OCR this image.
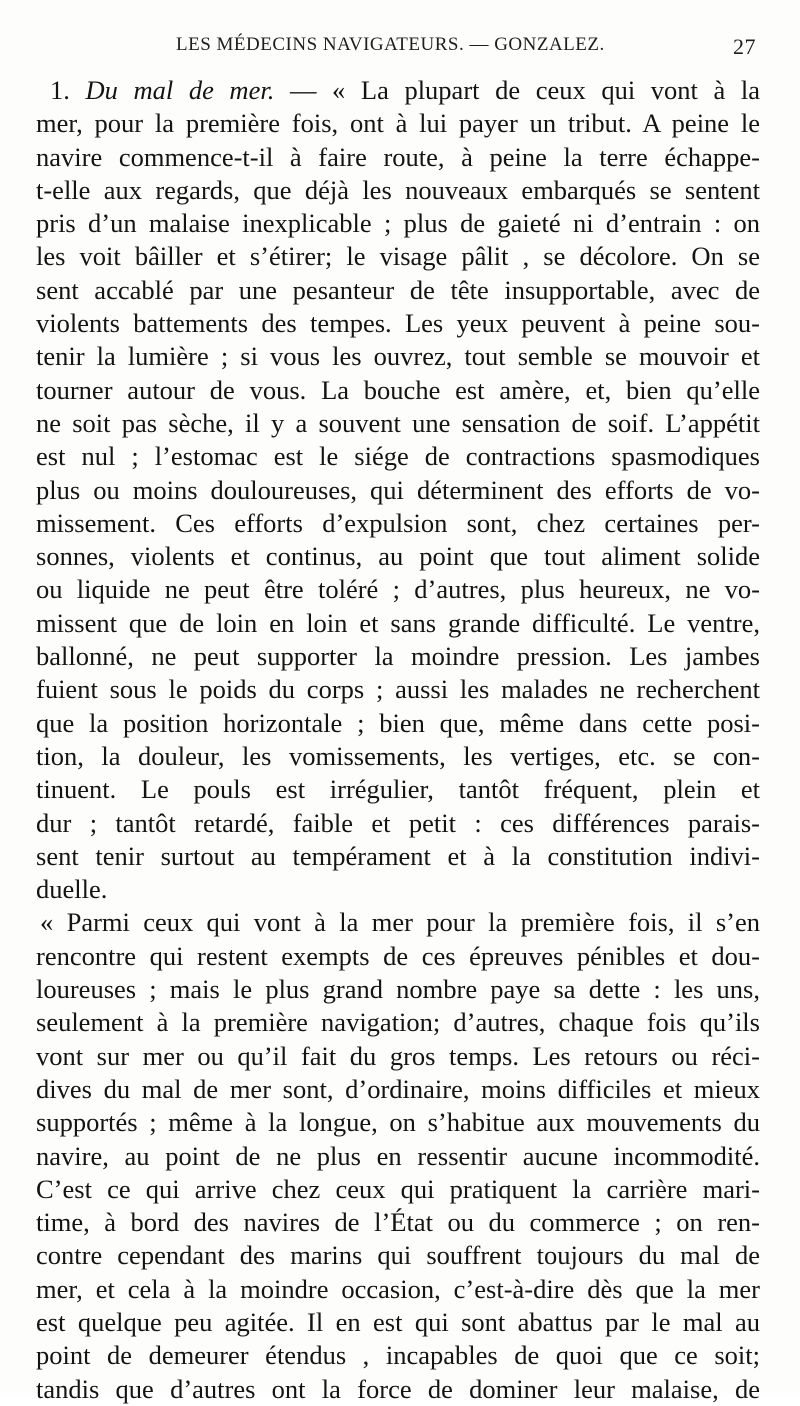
LES MÉDECINS NAVIGATEURS. — GONZALEZ.	27
1. Du mal de mer. — « La plupart de ceux qui vont à la
mer, pour la première fois, ont à lui payer un tribut. A peine le
navire commence-t-il à faire route, à peine la terre échappe-
t-elle aux regards, que déjà les nouveaux embarqués se sentent
pris d’un malaise inexplicable ; plus de gaieté ni d’entrain : on
les voit bâiller et s’étirer; le visage pâlit , se décolore. On se
sent accablé par une pesanteur de tête insupportable, avec de
violents battements des tempes. Les yeux peuvent à peine sou-
tenir la lumière ; si vous les ouvrez, tout semble se mouvoir et
tourner autour de vous. La bouche est amère, et, bien qu’elle
ne soit pas sèche, il y a souvent une sensation de soif. L’appétit
est nul ; l’estomac est le siége de contractions spasmodiques
plus ou moins douloureuses, qui déterminent des efforts de vo-
missement. Ces efforts d’expulsion sont, chez certaines per-
sonnes, violents et continus, au point que tout aliment solide
ou liquide ne peut être toléré ; d’autres, plus heureux, ne vo-
missent que de loin en loin et sans grande difficulté. Le ventre,
ballonné, ne peut supporter la moindre pression. Les jambes
fuient sous le poids du corps ; aussi les malades ne recherchent
que la position horizontale ; bien que, même dans cette posi-
tion, la douleur, les vomissements, les vertiges, etc. se con-
tinuent. Le pouls est irrégulier, tantôt fréquent, plein et
dur ; tantôt retardé, faible et petit : ces différences parais-
sent tenir surtout au tempérament et à la constitution indivi-
duelle.
« Parmi ceux qui vont à la mer pour la première fois, il s’en
rencontre qui restent exempts de ces épreuves pénibles et dou-
loureuses ; mais le plus grand nombre paye sa dette : les uns,
seulement à la première navigation; d’autres, chaque fois qu’ils
vont sur mer ou qu’il fait du gros temps. Les retours ou réci-
dives du mal de mer sont, d’ordinaire, moins difficiles et mieux
supportés ; même à la longue, on s’habitue aux mouvements du
navire, au point de ne plus en ressentir aucune incommodité.
C’est ce qui arrive chez ceux qui pratiquent la carrière mari-
time, à bord des navires de l’État ou du commerce ; on ren-
contre cependant des marins qui souffrent toujours du mal de
mer, et cela à la moindre occasion, c’est-à-dire dès que la mer
est quelque peu agitée. Il en est qui sont abattus par le mal au
point de demeurer étendus , incapables de quoi que ce soit;
tandis que d’autres ont la force de dominer leur malaise, de
